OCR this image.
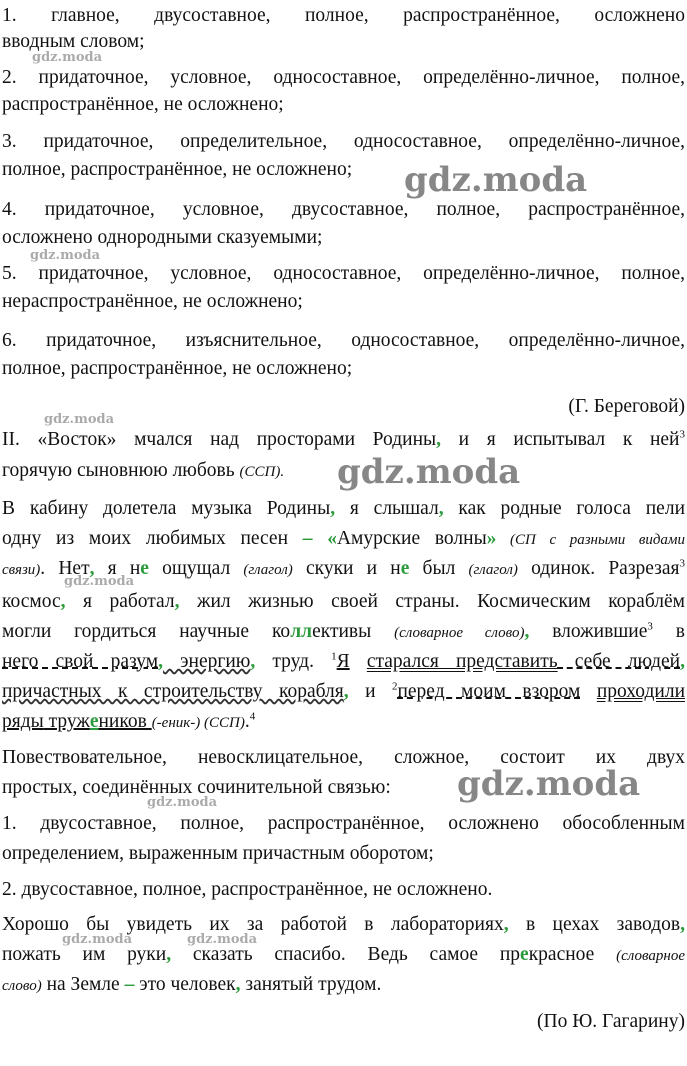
1. главное, двусоставное, полное, распространённое, осложнено
вводным словом;
2. придаточное, условное, односоставное, определённо-личное, полное,
распространённое, не осложнено;
3. придаточное, определительное, односоставное, определённо-личное,
полное, распространённое, не осложнено;
4. придаточное, условное, двусоставное, полное, распространённое,
осложнено однородными сказуемыми;
5. придаточное, условное, односоставное, определённо-личное, полное,
нераспространённое, не осложнено;
6. придаточное, изъяснительное, односоставное, определённо-личное,
полное, распространённое, не осложнено;
(Г. Береговой)
II. «Восток» мчался над просторами Родины, и я испытывал к ней$^3$
горячую сыновнюю любовь (ССП).
В кабину долетела музыка Родины, я слышал, как родные голоса пели
одну из моих любимых песен – «Амурские волны» (СП с разными видами
связи). Нет, я не ощущал (глагол) скуки и не был (глагол) одинок. Разрезая$^3$
космос, я работал, жил жизнью своей страны. Космическим кораблём
могли гордиться научные коллективы (словарное слово), вложившие$^3$ в
него свой разум, энергию, труд. $^1$Я старался представить себе людей,
причастных к строительству корабля, и $^2$перед моим взором проходили
ряды тружеников (-еник-) (ССП).$^4$
Повествовательное, невосклицательное, сложное, состоит их двух
простых, соединённых сочинительной связью:
1. двусоставное, полное, распространённое, осложнено обособленным
определением, выраженным причастным оборотом;
2. двусоставное, полное, распространённое, не осложнено.
Хорошо бы увидеть их за работой в лабораториях, в цехах заводов,
пожать им руки, сказать спасибо. Ведь самое прекрасное (словарное
слово) на Земле – это человек, занятый трудом.
(По Ю. Гагарину)
gdz.moda
gdz.moda
gdz.moda
gdz.moda
gdz.moda
gdz.moda
gdz.moda
gdz.moda
gdz.moda	gdz.moda
